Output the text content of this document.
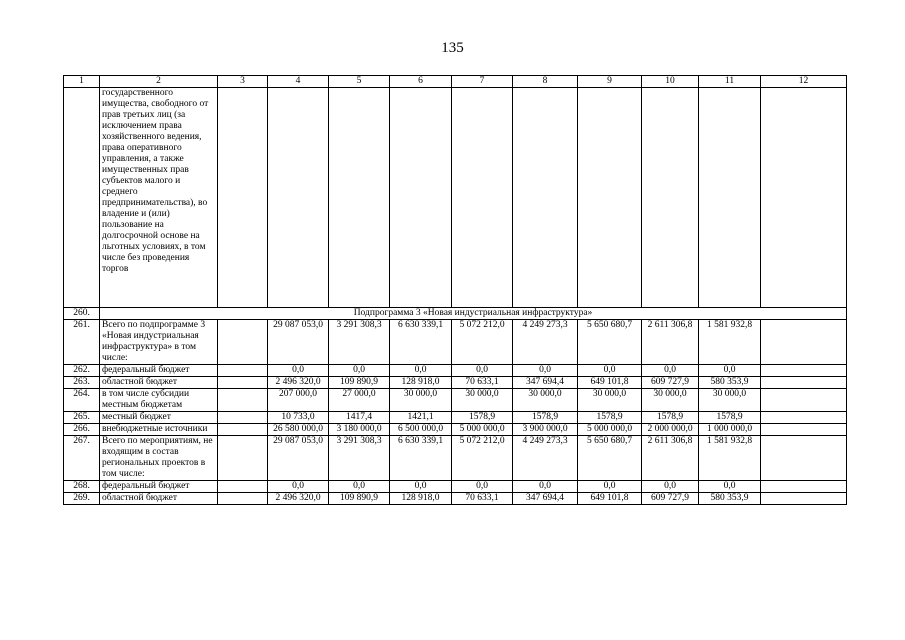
135
1	2	3	4	5	6	7	8	9	10	11	12
	государственного имущества, свободного от прав третьих лиц (за исключением права хозяйственного ведения, права оперативного управления, а также имущественных прав субъектов малого и среднего предпринимательства), во владение и (или) пользование на долгосрочной основе на льготных условиях, в том числе без проведения торгов										
260.	Подпрограмма 3 «Новая индустриальная инфраструктура»										
261.	Всего по подпрограмме 3 «Новая индустриальная инфраструктура» в том числе:		29 087 053,0	3 291 308,3	6 630 339,1	5 072 212,0	4 249 273,3	5 650 680,7	2 611 306,8	1 581 932,8	
262.	федеральный бюджет		0,0	0,0	0,0	0,0	0,0	0,0	0,0	0,0	
263.	областной бюджет		2 496 320,0	109 890,9	128 918,0	70 633,1	347 694,4	649 101,8	609 727,9	580 353,9	
264.	в том числе субсидии местным бюджетам		207 000,0	27 000,0	30 000,0	30 000,0	30 000,0	30 000,0	30 000,0	30 000,0	
265.	местный бюджет		10 733,0	1417,4	1421,1	1578,9	1578,9	1578,9	1578,9	1578,9	
266.	внебюджетные источники		26 580 000,0	3 180 000,0	6 500 000,0	5 000 000,0	3 900 000,0	5 000 000,0	2 000 000,0	1 000 000,0	
267.	Всего по мероприятиям, не входящим в состав региональных проектов в том числе:		29 087 053,0	3 291 308,3	6 630 339,1	5 072 212,0	4 249 273,3	5 650 680,7	2 611 306,8	1 581 932,8	
268.	федеральный бюджет		0,0	0,0	0,0	0,0	0,0	0,0	0,0	0,0	
269.	областной бюджет		2 496 320,0	109 890,9	128 918,0	70 633,1	347 694,4	649 101,8	609 727,9	580 353,9	
